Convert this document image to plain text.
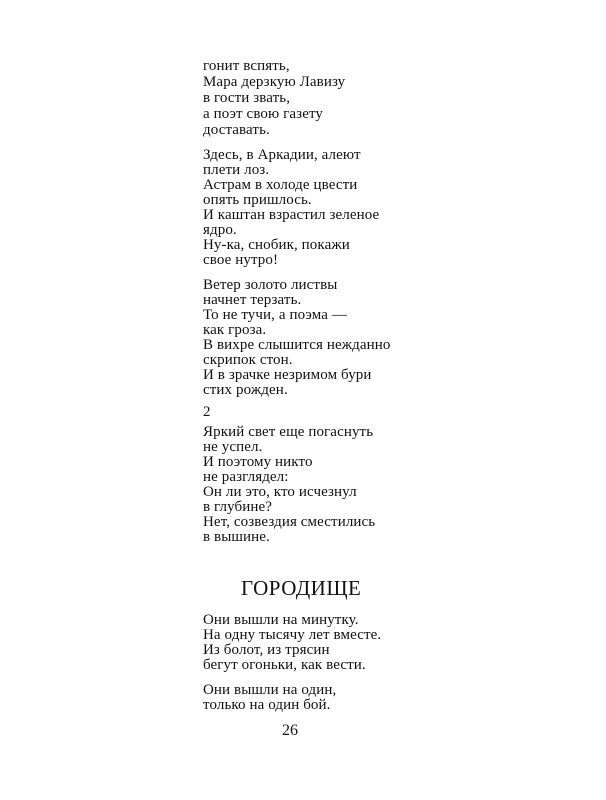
гонит вспять,
Мара дерзкую Лавизу
в гости звать,
а поэт свою газету
доставать.
Здесь, в Аркадии, алеют
плети лоз.
Астрам в холоде цвести
опять пришлось.
И каштан взрастил зеленое
ядро.
Ну-ка, снобик, покажи
свое нутро!
Ветер золото листвы
начнет терзать.
То не тучи, а поэма —
как гроза.
В вихре слышится нежданно
скрипок стон.
И в зрачке незримом бури
стих рожден.
2
Яркий свет еще погаснуть
не успел.
И поэтому никто
не разглядел:
Он ли это, кто исчезнул
в глубине?
Нет, созвездия сместились
в вышине.
ГОРОДИЩЕ
Они вышли на минутку.
На одну тысячу лет вместе.
Из болот, из трясин
бегут огоньки, как вести.
Они вышли на один,
только на один бой.
26
